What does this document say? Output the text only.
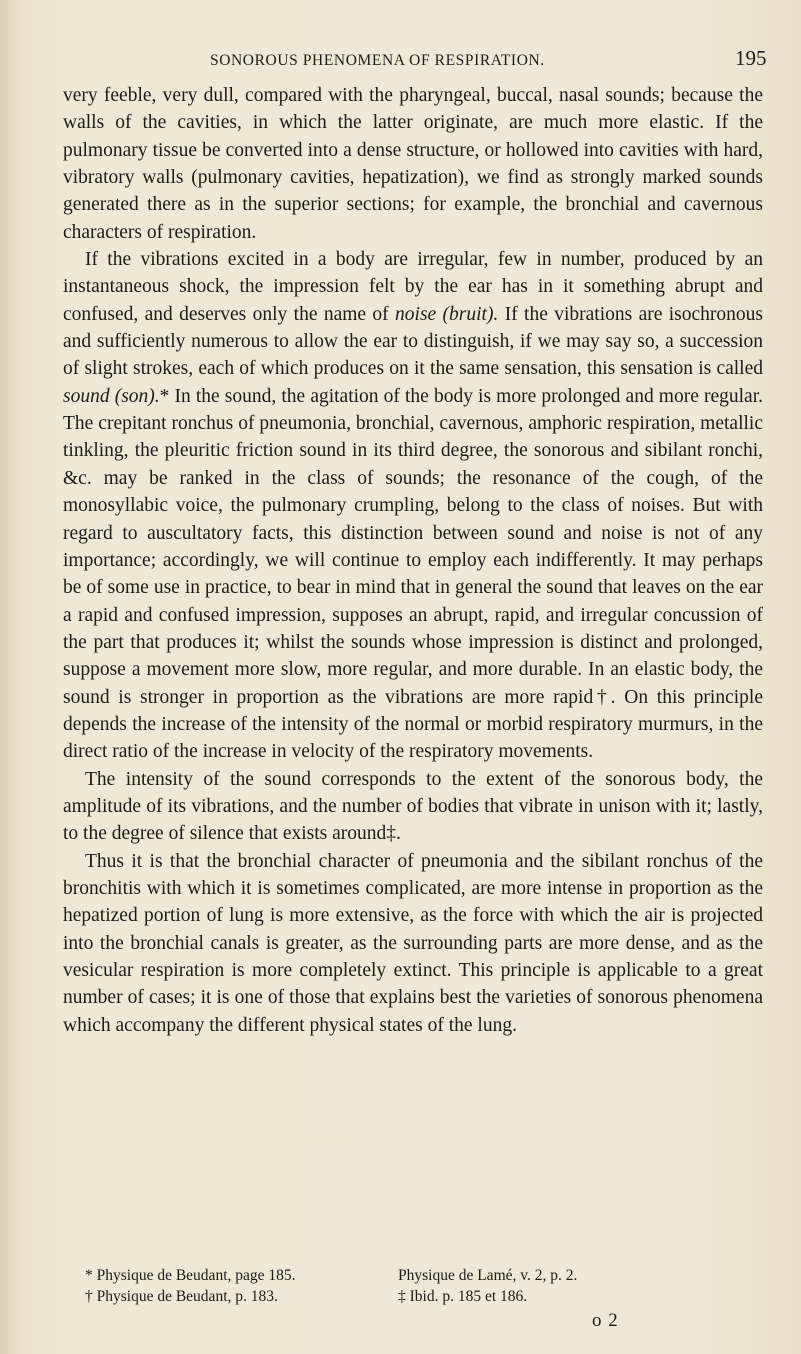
SONOROUS PHENOMENA OF RESPIRATION.	195

very feeble, very dull, compared with the pharyngeal, buccal, nasal sounds; because the walls of the cavities, in which the latter originate, are much more elastic. If the pulmonary tissue be converted into a dense structure, or hollowed into cavities with hard, vibratory walls (pulmonary cavities, hepatization), we find as strongly marked sounds generated there as in the superior sections; for example, the bronchial and cavernous characters of respiration.

If the vibrations excited in a body are irregular, few in number, produced by an instantaneous shock, the impression felt by the ear has in it something abrupt and confused, and deserves only the name of noise (bruit). If the vibrations are isochronous and sufficiently numerous to allow the ear to distinguish, if we may say so, a succession of slight strokes, each of which produces on it the same sensation, this sensation is called sound (son).* In the sound, the agitation of the body is more prolonged and more regular. The crepitant ronchus of pneumonia, bronchial, cavernous, amphoric respiration, metallic tinkling, the pleuritic friction sound in its third degree, the sonorous and sibilant ronchi, &c. may be ranked in the class of sounds; the resonance of the cough, of the monosyllabic voice, the pulmonary crumpling, belong to the class of noises. But with regard to auscultatory facts, this distinction between sound and noise is not of any importance; accordingly, we will continue to employ each indifferently. It may perhaps be of some use in practice, to bear in mind that in general the sound that leaves on the ear a rapid and confused impression, supposes an abrupt, rapid, and irregular concussion of the part that produces it; whilst the sounds whose impression is distinct and prolonged, suppose a movement more slow, more regular, and more durable. In an elastic body, the sound is stronger in proportion as the vibrations are more rapid†. On this principle depends the increase of the intensity of the normal or morbid respiratory murmurs, in the direct ratio of the increase in velocity of the respiratory movements.

The intensity of the sound corresponds to the extent of the sonorous body, the amplitude of its vibrations, and the number of bodies that vibrate in unison with it; lastly, to the degree of silence that exists around‡.

Thus it is that the bronchial character of pneumonia and the sibilant ronchus of the bronchitis with which it is sometimes complicated, are more intense in proportion as the hepatized portion of lung is more extensive, as the force with which the air is projected into the bronchial canals is greater, as the surrounding parts are more dense, and as the vesicular respiration is more completely extinct. This principle is applicable to a great number of cases; it is one of those that explains best the varieties of sonorous phenomena which accompany the different physical states of the lung.

* Physique de Beudant, page 185.	Physique de Lamé, v. 2, p. 2.
† Physique de Beudant, p. 183.	‡ Ibid. p. 185 et 186.
o 2
